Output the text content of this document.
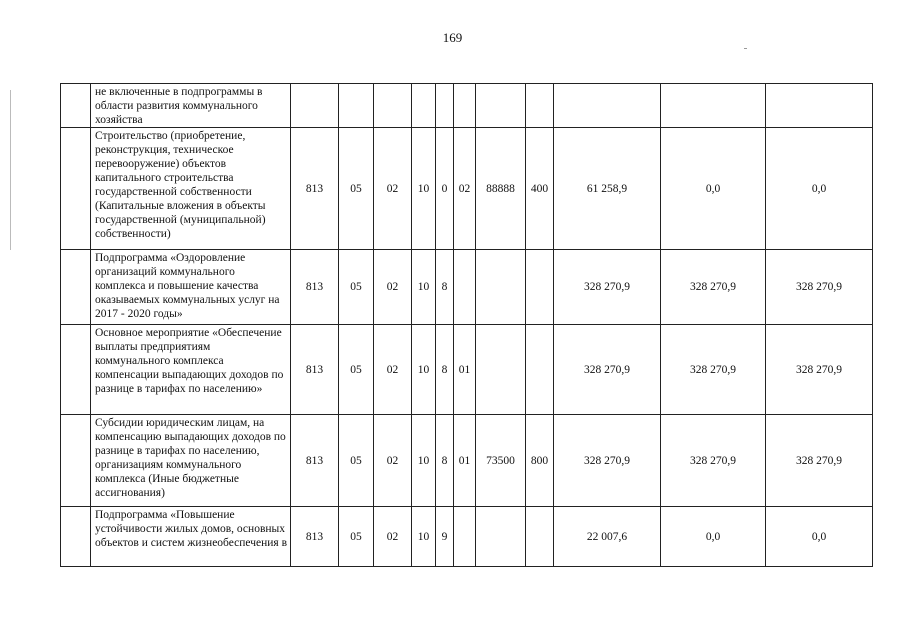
169
	не включенные в подпрограммы в области развития коммунального хозяйства											
	Строительство (приобретение, реконструкция, техническое перевооружение) объектов капитального строительства государственной собственности (Капитальные вложения в объекты государственной (муниципальной) собственности)	813	05	02	10	0	02	88888	400	61 258,9	0,0	0,0
	Подпрограмма «Оздоровление организаций коммунального комплекса и повышение качества оказываемых коммунальных услуг на 2017 - 2020 годы»	813	05	02	10	8				328 270,9	328 270,9	328 270,9
	Основное мероприятие «Обеспечение выплаты предприятиям коммунального комплекса компенсации выпадающих доходов по разнице в тарифах по населению»	813	05	02	10	8	01			328 270,9	328 270,9	328 270,9
	Субсидии юридическим лицам, на компенсацию выпадающих доходов по разнице в тарифах по населению, организациям коммунального комплекса (Иные бюджетные ассигнования)	813	05	02	10	8	01	73500	800	328 270,9	328 270,9	328 270,9
	Подпрограмма «Повышение устойчивости жилых домов, основных объектов и систем жизнеобеспечения в	813	05	02	10	9				22 007,6	0,0	0,0
